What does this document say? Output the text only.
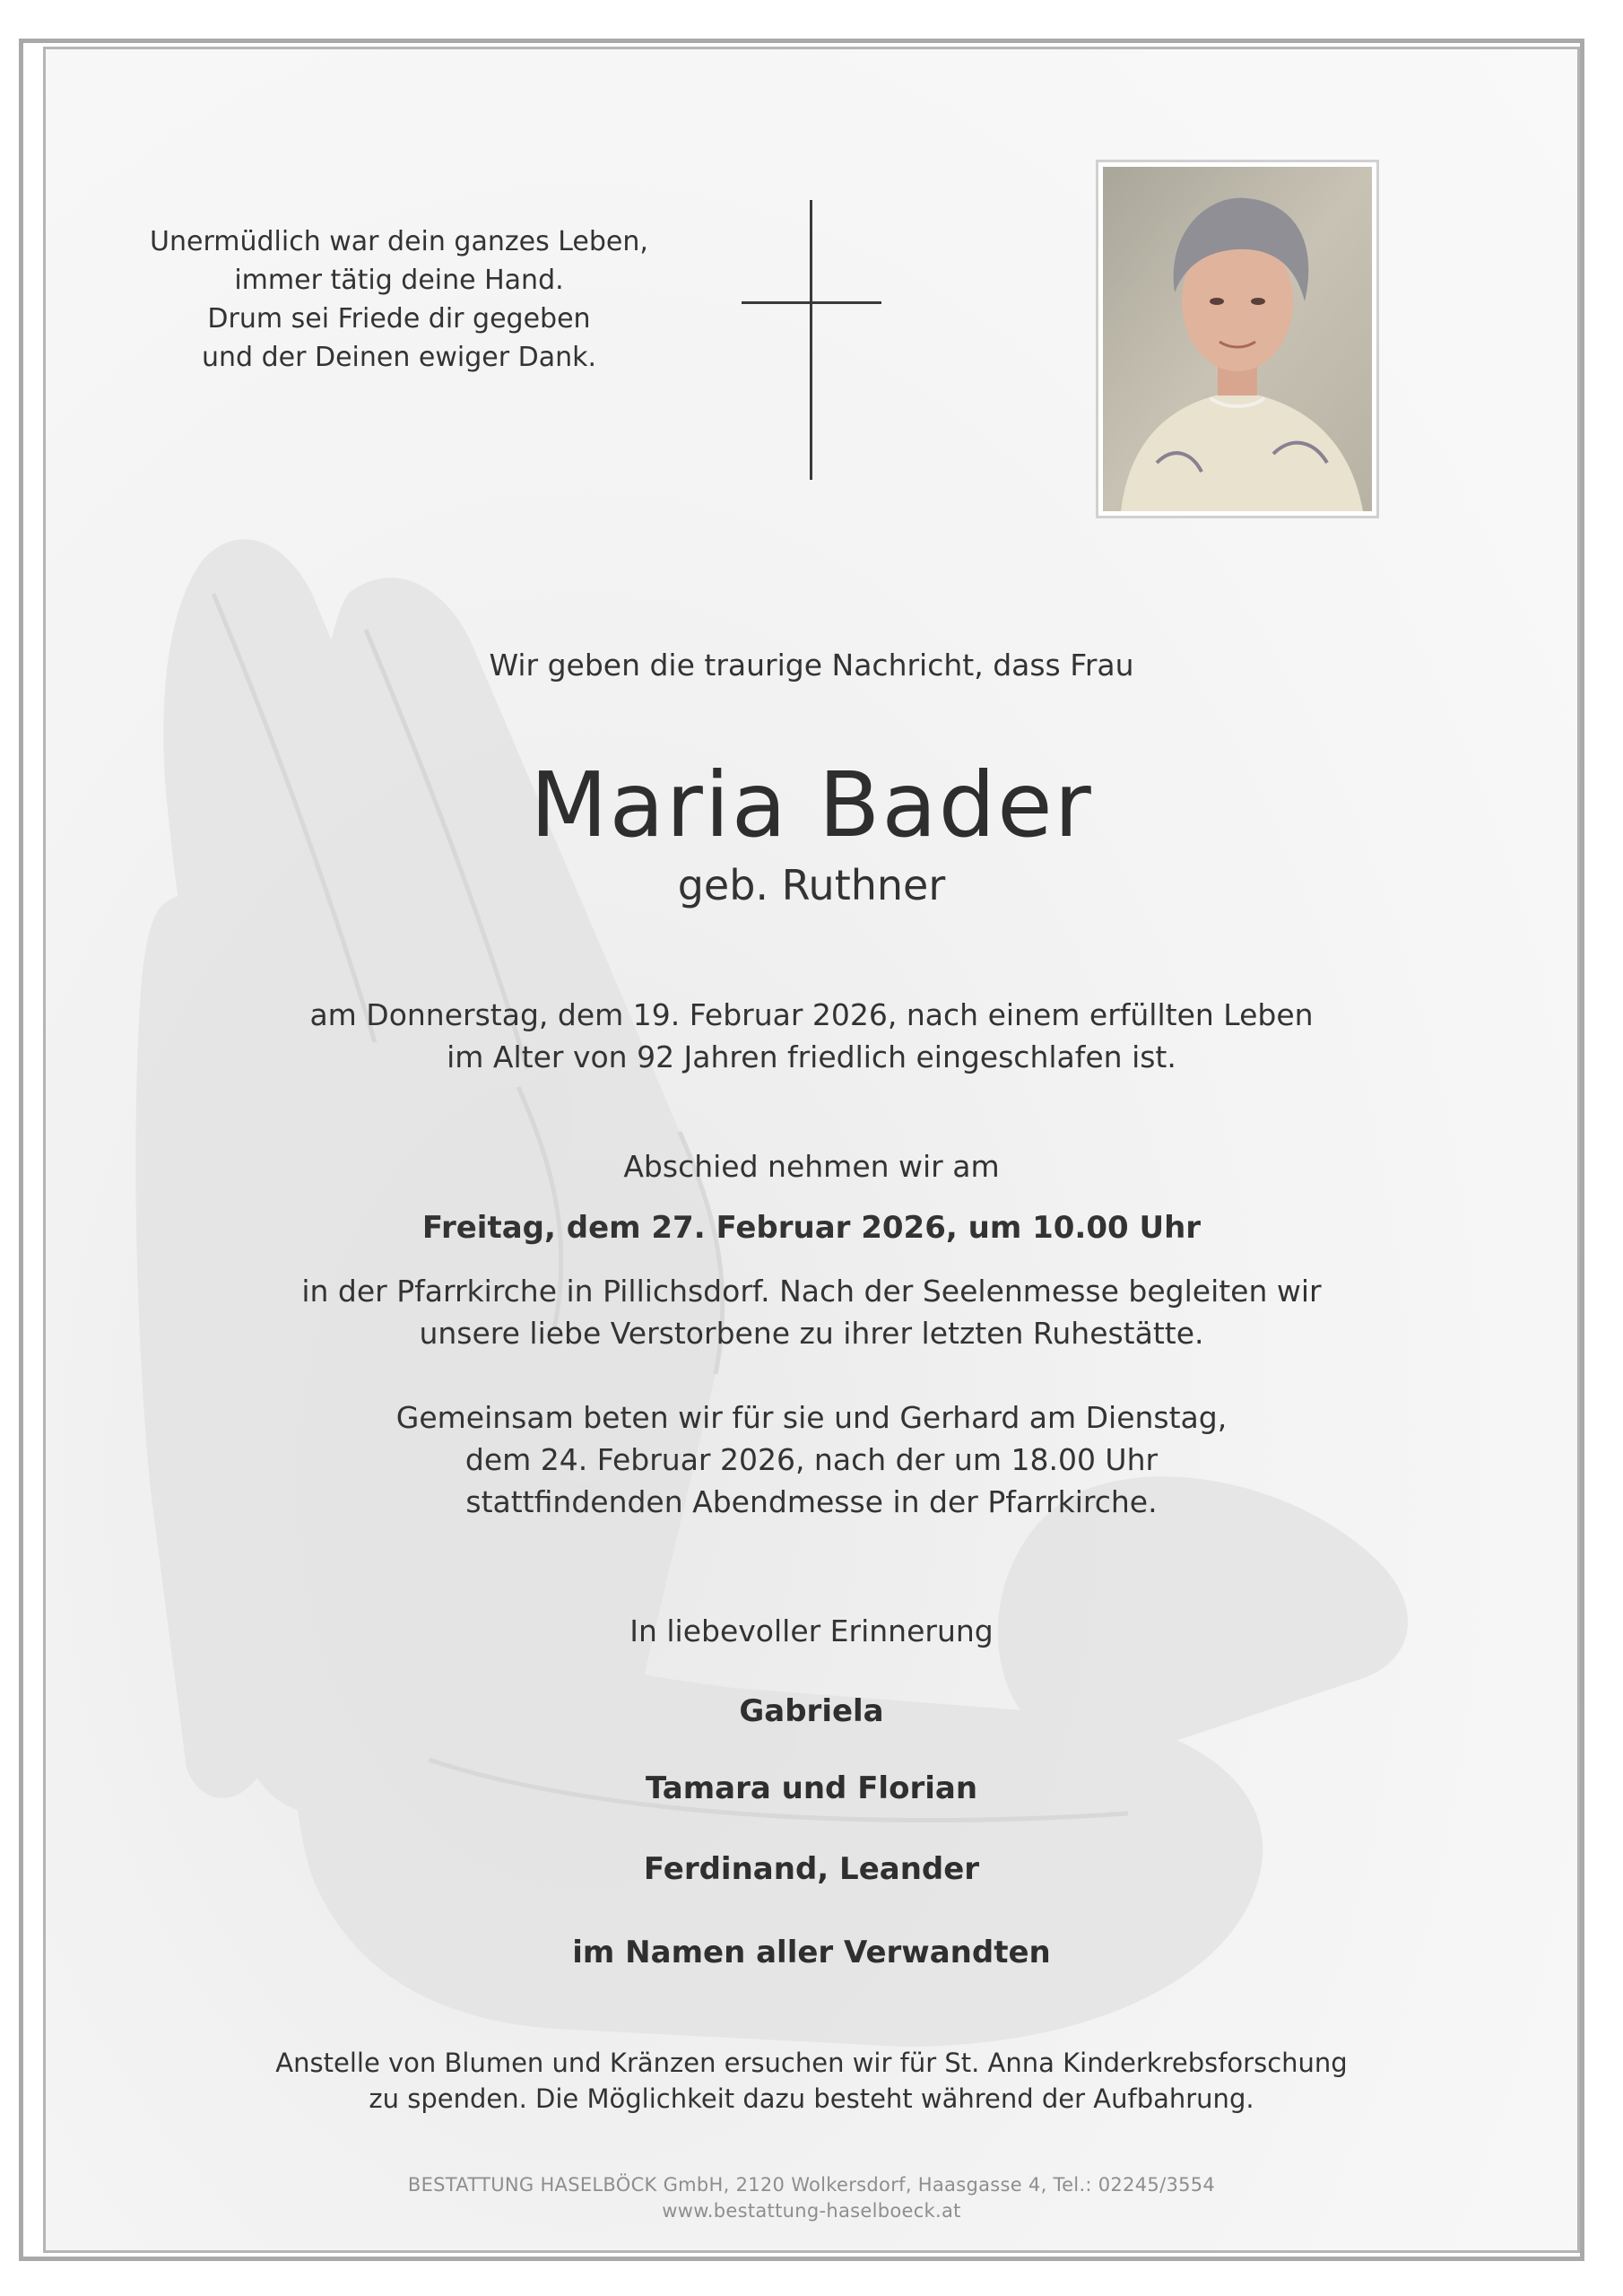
Unermüdlich war dein ganzes Leben,
immer tätig deine Hand.
Drum sei Friede dir gegeben
und der Deinen ewiger Dank.
Wir geben die traurige Nachricht, dass Frau
Maria Bader
geb. Ruthner
am Donnerstag, dem 19. Februar 2026, nach einem erfüllten Leben
im Alter von 92 Jahren friedlich eingeschlafen ist.
Abschied nehmen wir am
Freitag, dem 27. Februar 2026, um 10.00 Uhr
in der Pfarrkirche in Pillichsdorf. Nach der Seelenmesse begleiten wir
unsere liebe Verstorbene zu ihrer letzten Ruhestätte.
Gemeinsam beten wir für sie und Gerhard am Dienstag,
dem 24. Februar 2026, nach der um 18.00 Uhr
stattfindenden Abendmesse in der Pfarrkirche.
In liebevoller Erinnerung
Gabriela
Tamara und Florian
Ferdinand, Leander
im Namen aller Verwandten
Anstelle von Blumen und Kränzen ersuchen wir für St. Anna Kinderkrebsforschung
zu spenden. Die Möglichkeit dazu besteht während der Aufbahrung.
BESTATTUNG HASELBÖCK GmbH, 2120 Wolkersdorf, Haasgasse 4, Tel.: 02245/3554
www.bestattung-haselboeck.at
